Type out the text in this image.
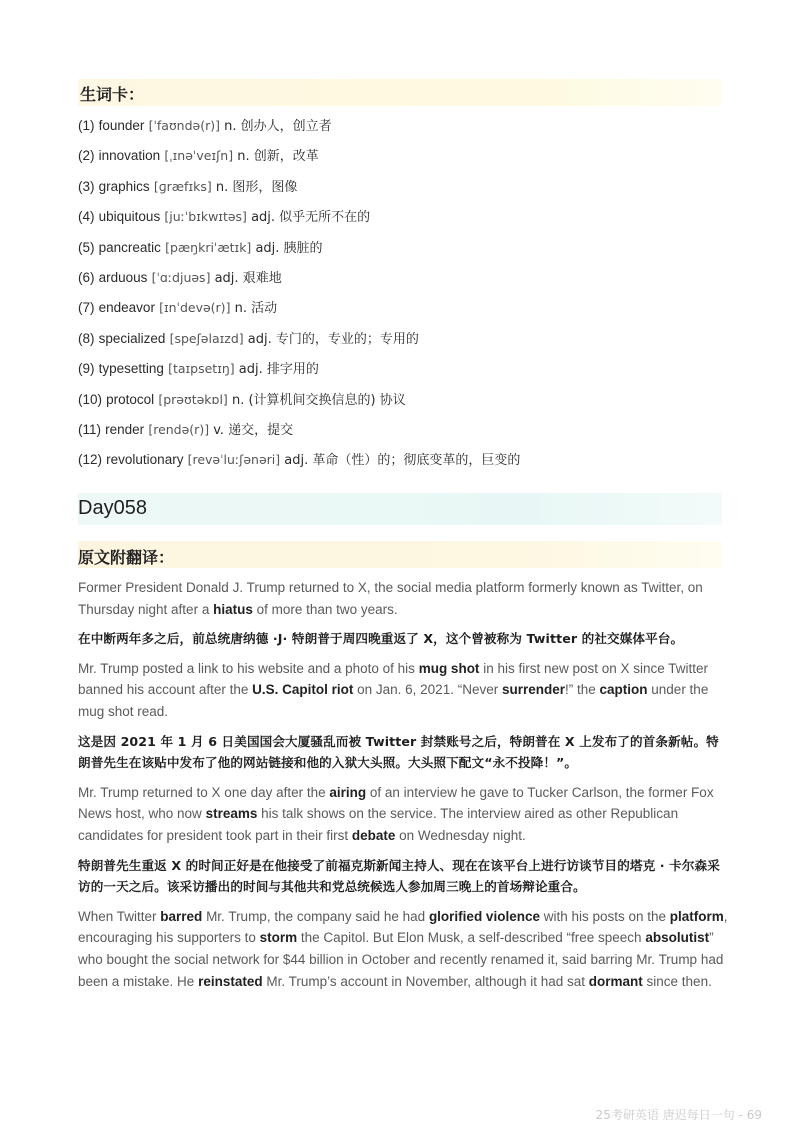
生词卡：
(1) founder [ˈfaʊndə(r)] n. 创办人，创立者
(2) innovation [ˌɪnəˈveɪʃn] n. 创新，改革
(3) graphics [ɡræfɪks] n. 图形，图像
(4) ubiquitous [juːˈbɪkwɪtəs] adj. 似乎无所不在的
(5) pancreatic [pæŋkriˈætɪk] adj. 胰脏的
(6) arduous [ˈɑːdjuəs] adj. 艰难地
(7) endeavor [ɪnˈdevə(r)] n. 活动
(8) specialized [speʃəlaɪzd] adj. 专门的，专业的；专用的
(9) typesetting [taɪpsetɪŋ] adj. 排字用的
(10) protocol [prəʊtəkɒl] n. (计算机间交换信息的) 协议
(11) render [rendə(r)] v. 递交，提交
(12) revolutionary [revəˈluːʃənəri] adj. 革命（性）的；彻底变革的，巨变的
Day058
原文附翻译：

Former President Donald J. Trump returned to X, the social media platform formerly known as Twitter, on Thursday night after a hiatus of more than two years.

在中断两年多之后，前总统唐纳德 ·J· 特朗普于周四晚重返了 X，这个曾被称为 Twitter 的社交媒体平台。

Mr. Trump posted a link to his website and a photo of his mug shot in his first new post on X since Twitter banned his account after the U.S. Capitol riot on Jan. 6, 2021. “Never surrender!” the caption under the mug shot read.

这是因 2021 年 1 月 6 日美国国会大厦骚乱而被 Twitter 封禁账号之后，特朗普在 X 上发布了的首条新帖。特朗普先生在该贴中发布了他的网站链接和他的入狱大头照。大头照下配文“永不投降！”。

Mr. Trump returned to X one day after the airing of an interview he gave to Tucker Carlson, the former Fox News host, who now streams his talk shows on the service. The interview aired as other Republican candidates for president took part in their first debate on Wednesday night.

特朗普先生重返 X 的时间正好是在他接受了前福克斯新闻主持人、现在在该平台上进行访谈节目的塔克 · 卡尔森采访的一天之后。该采访播出的时间与其他共和党总统候选人参加周三晚上的首场辩论重合。

When Twitter barred Mr. Trump, the company said he had glorified violence with his posts on the platform, encouraging his supporters to storm the Capitol. But Elon Musk, a self-described “free speech absolutist” who bought the social network for $44 billion in October and recently renamed it, said barring Mr. Trump had been a mistake. He reinstated Mr. Trump’s account in November, although it had sat dormant since then.

25考研英语 唐迟每日一句 - 69
